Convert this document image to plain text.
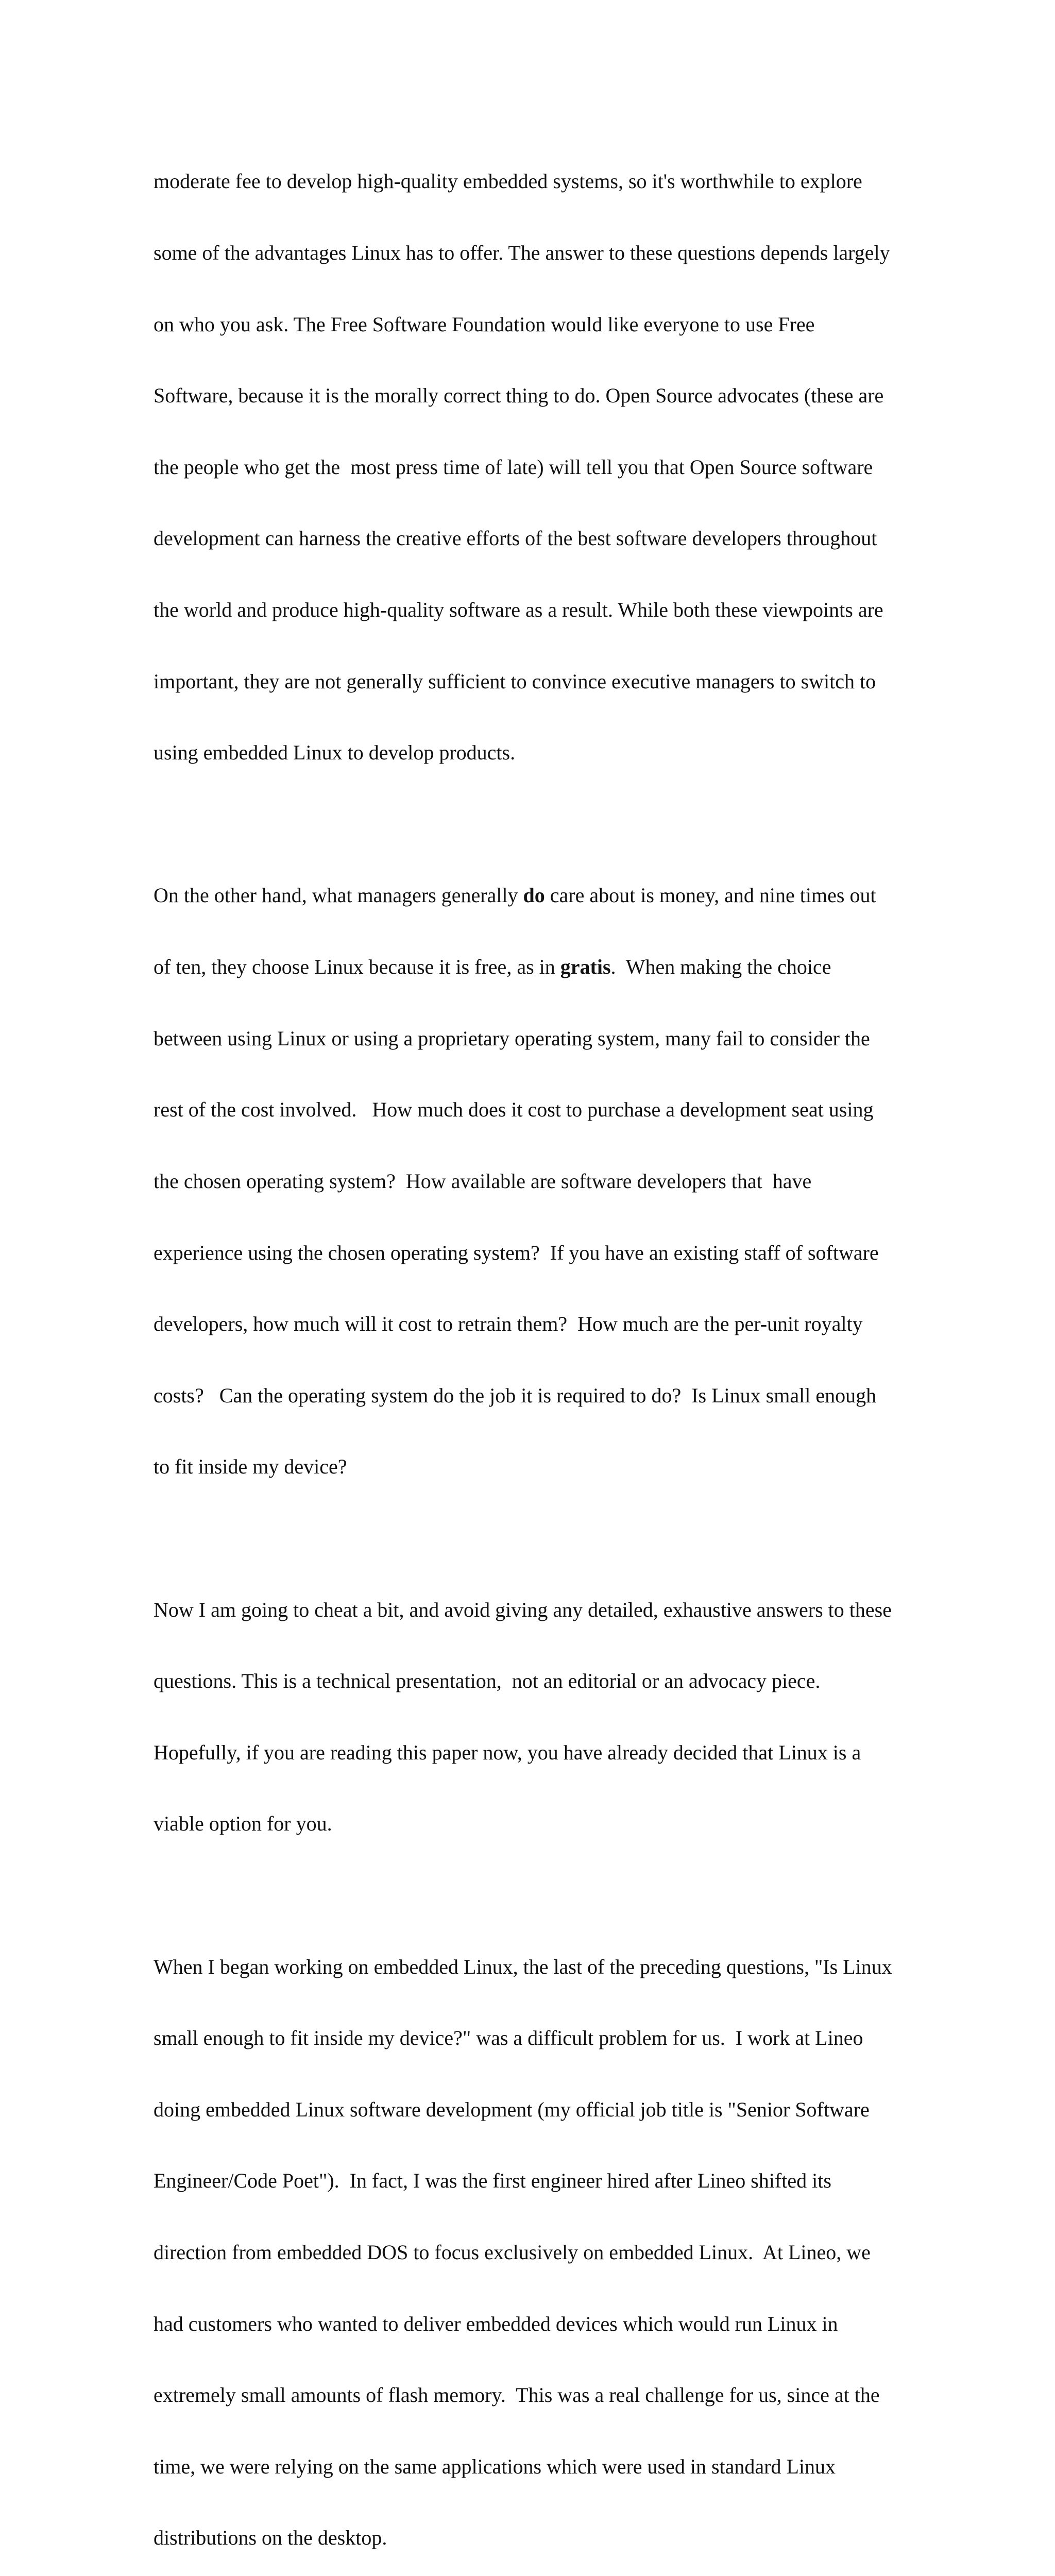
moderate fee to develop high-quality embedded systems, so it's worthwhile to explore

some of the advantages Linux has to offer. The answer to these questions depends largely

on who you ask. The Free Software Foundation would like everyone to use Free

Software, because it is the morally correct thing to do. Open Source advocates (these are

the people who get the  most press time of late) will tell you that Open Source software

development can harness the creative efforts of the best software developers throughout

the world and produce high-quality software as a result. While both these viewpoints are

important, they are not generally sufficient to convince executive managers to switch to

using embedded Linux to develop products.

On the other hand, what managers generally do care about is money, and nine times out

of ten, they choose Linux because it is free, as in gratis.  When making the choice

between using Linux or using a proprietary operating system, many fail to consider the

rest of the cost involved.   How much does it cost to purchase a development seat using

the chosen operating system?  How available are software developers that  have

experience using the chosen operating system?  If you have an existing staff of software

developers, how much will it cost to retrain them?  How much are the per-unit royalty

costs?   Can the operating system do the job it is required to do?  Is Linux small enough

to fit inside my device?

Now I am going to cheat a bit, and avoid giving any detailed, exhaustive answers to these

questions. This is a technical presentation,  not an editorial or an advocacy piece.

Hopefully, if you are reading this paper now, you have already decided that Linux is a

viable option for you.

When I began working on embedded Linux, the last of the preceding questions, "Is Linux

small enough to fit inside my device?" was a difficult problem for us.  I work at Lineo

doing embedded Linux software development (my official job title is "Senior Software

Engineer/Code Poet").  In fact, I was the first engineer hired after Lineo shifted its

direction from embedded DOS to focus exclusively on embedded Linux.  At Lineo, we

had customers who wanted to deliver embedded devices which would run Linux in

extremely small amounts of flash memory.  This was a real challenge for us, since at the

time, we were relying on the same applications which were used in standard Linux

distributions on the desktop.
